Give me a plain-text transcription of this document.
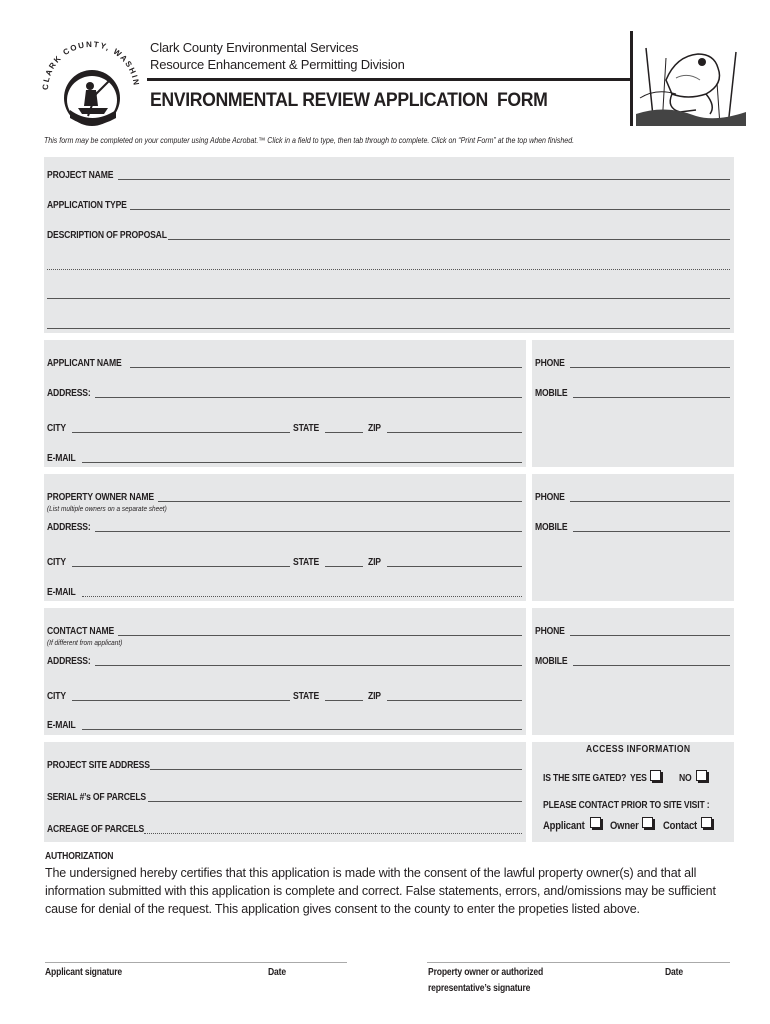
CLARK COUNTY, WASHIN
Clark County Environmental Services
Resource Enhancement & Permitting Division
ENVIRONMENTAL REVIEW APPLICATION  FORM
This form may be completed on your computer using Adobe Acrobat.™ Click in a field to type, then tab through to complete. Click on “Print Form” at the top when finished.
PROJECT NAME
APPLICATION TYPE
DESCRIPTION OF PROPOSAL
APPLICANT NAME
ADDRESS:
CITY	STATE	ZIP
E-MAIL
PHONE
MOBILE
PROPERTY OWNER NAME
(List multiple owners on a separate sheet)
ADDRESS:
CITY	STATE	ZIP
E-MAIL
PHONE
MOBILE
CONTACT NAME
(If different from applicant)
ADDRESS:
CITY	STATE	ZIP
E-MAIL
PHONE
MOBILE
PROJECT SITE ADDRESS
SERIAL #’s OF PARCELS
ACREAGE OF PARCELS
ACCESS INFORMATION
IS THE SITE GATED? YES	NO
PLEASE CONTACT PRIOR TO SITE VISIT :
Applicant Owner Contact
AUTHORIZATION
The undersigned hereby certifies that this application is made with the consent of the lawful property owner(s) and that all information submitted with this application is complete and correct. False statements, errors, and/omissions may be sufficient cause for denial of the request. This application gives consent to the county to enter the propeties listed above.
Applicant signature	Date	Property owner or authorized
representative’s signature
Date
